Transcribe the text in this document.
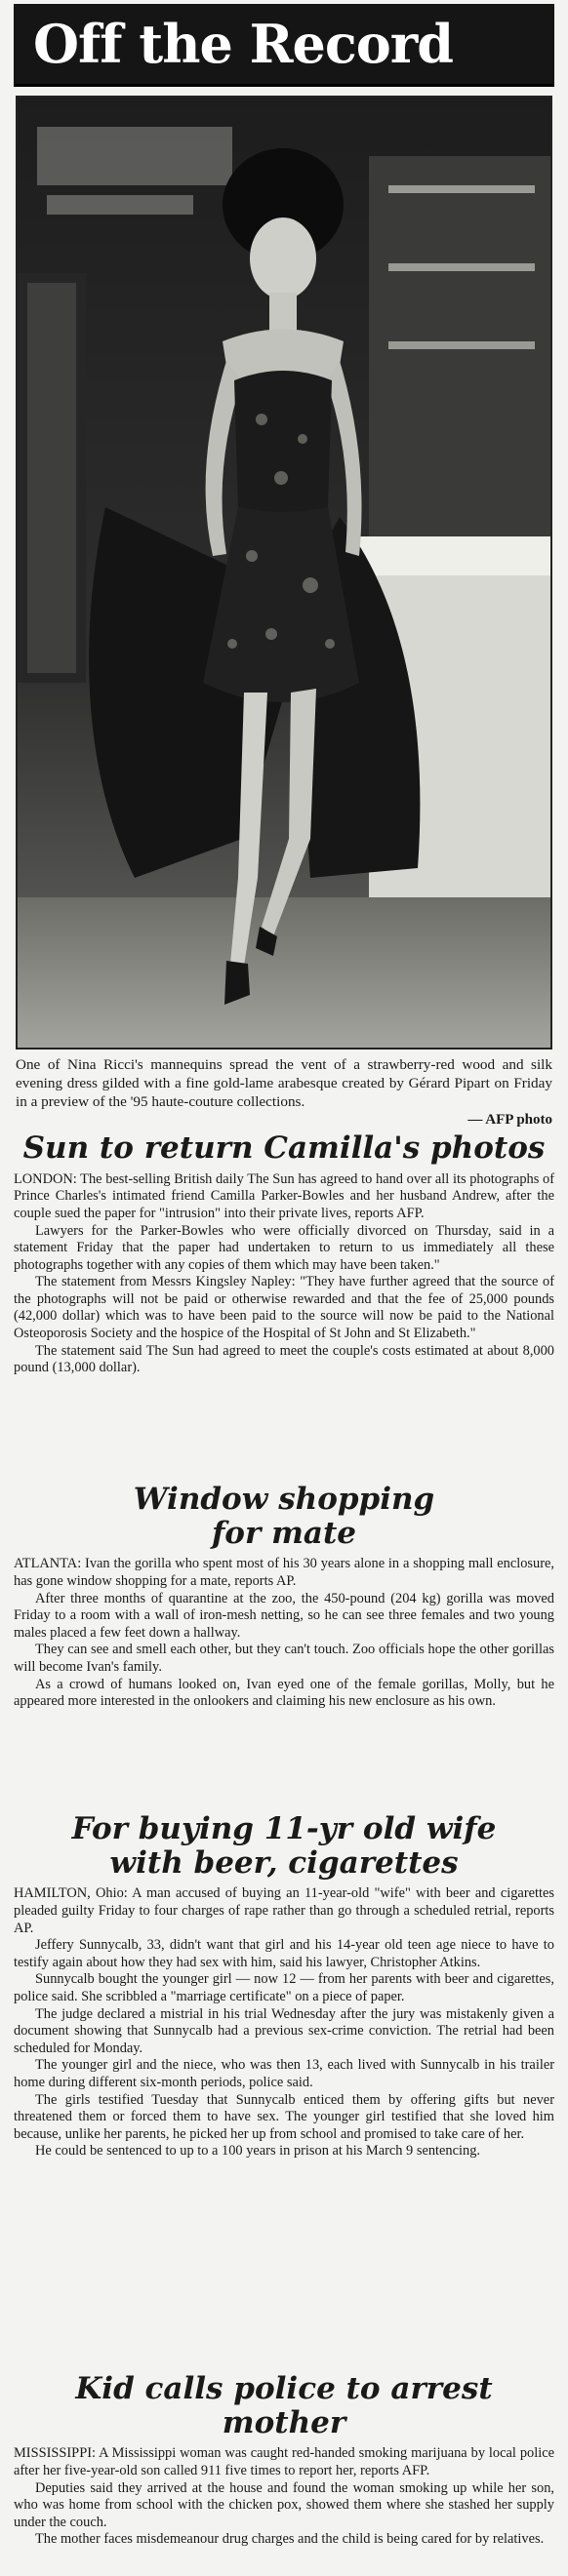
Off the Record
One of Nina Ricci's mannequins spread the vent of a strawberry-red wood and silk evening dress gilded with a fine gold-lame arabesque created by Gérard Pipart on Friday in a preview of the '95 haute-couture collections.
— AFP photo
Sun to return Camilla's photos

LONDON: The best-selling British daily The Sun has agreed to hand over all its photographs of Prince Charles's intimated friend Camilla Parker-Bowles and her husband Andrew, after the couple sued the paper for "intrusion" into their private lives, reports AFP.

Lawyers for the Parker-Bowles who were officially divorced on Thursday, said in a statement Friday that the paper had undertaken to return to us immediately all these photographs together with any copies of them which may have been taken."

The statement from Messrs Kingsley Napley: "They have further agreed that the source of the photographs will not be paid or otherwise rewarded and that the fee of 25,000 pounds (42,000 dollar) which was to have been paid to the source will now be paid to the National Osteoporosis Society and the hospice of the Hospital of St John and St Elizabeth."

The statement said The Sun had agreed to meet the couple's costs estimated at about 8,000 pound (13,000 dollar).

Window shopping for mate

ATLANTA: Ivan the gorilla who spent most of his 30 years alone in a shopping mall enclosure, has gone window shopping for a mate, reports AP.

After three months of quarantine at the zoo, the 450-pound (204 kg) gorilla was moved Friday to a room with a wall of iron-mesh netting, so he can see three females and two young males placed a few feet down a hallway.

They can see and smell each other, but they can't touch. Zoo officials hope the other gorillas will become Ivan's family.

As a crowd of humans looked on, Ivan eyed one of the female gorillas, Molly, but he appeared more interested in the onlookers and claiming his new enclosure as his own.

For buying 11-yr old wife with beer, cigarettes

HAMILTON, Ohio: A man accused of buying an 11-year-old "wife" with beer and cigarettes pleaded guilty Friday to four charges of rape rather than go through a scheduled retrial, reports AP.

Jeffery Sunnycalb, 33, didn't want that girl and his 14-year old teen age niece to have to testify again about how they had sex with him, said his lawyer, Christopher Atkins.

Sunnycalb bought the younger girl — now 12 — from her parents with beer and cigarettes, police said. She scribbled a "marriage certificate" on a piece of paper.

The judge declared a mistrial in his trial Wednesday after the jury was mistakenly given a document showing that Sunnycalb had a previous sex-crime conviction. The retrial had been scheduled for Monday.

The younger girl and the niece, who was then 13, each lived with Sunnycalb in his trailer home during different six-month periods, police said.

The girls testified Tuesday that Sunnycalb enticed them by offering gifts but never threatened them or forced them to have sex. The younger girl testified that she loved him because, unlike her parents, he picked her up from school and promised to take care of her.

He could be sentenced to up to a 100 years in prison at his March 9 sentencing.

Kid calls police to arrest mother

MISSISSIPPI: A Mississippi woman was caught red-handed smoking marijuana by local police after her five-year-old son called 911 five times to report her, reports AFP.

Deputies said they arrived at the house and found the woman smoking up while her son, who was home from school with the chicken pox, showed them where she stashed her supply under the couch.

The mother faces misdemeanour drug charges and the child is being cared for by relatives.
